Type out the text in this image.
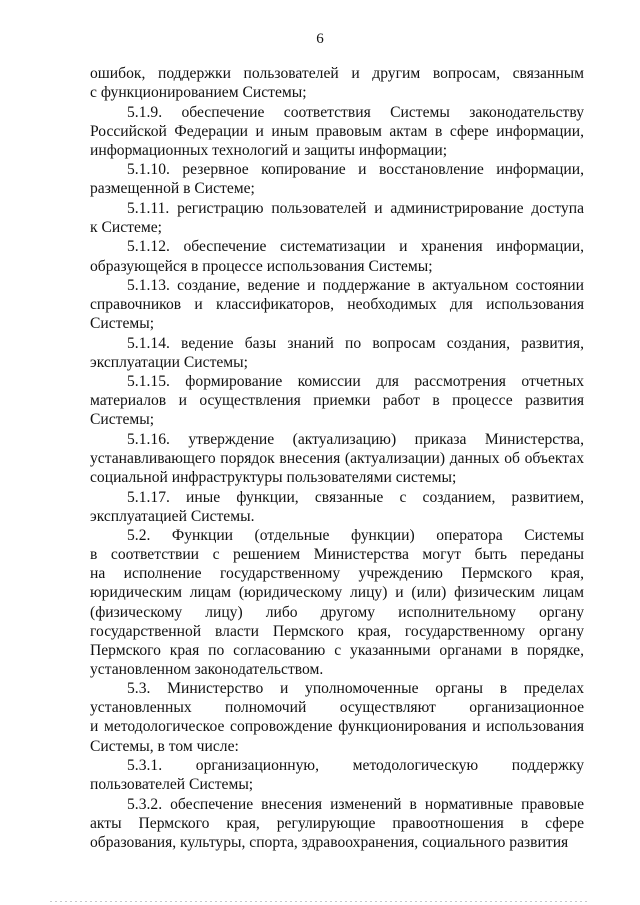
6
ошибок, поддержки пользователей и другим вопросам, связанным
с функционированием Системы;
5.1.9. обеспечение соответствия Системы законодательству
Российской Федерации и иным правовым актам в сфере информации,
информационных технологий и защиты информации;
5.1.10. резервное копирование и восстановление информации,
размещенной в Системе;
5.1.11. регистрацию пользователей и администрирование доступа
к Системе;
5.1.12. обеспечение систематизации и хранения информации,
образующейся в процессе использования Системы;
5.1.13. создание, ведение и поддержание в актуальном состоянии
справочников и классификаторов, необходимых для использования
Системы;
5.1.14. ведение базы знаний по вопросам создания, развития,
эксплуатации Системы;
5.1.15. формирование комиссии для рассмотрения отчетных
материалов и осуществления приемки работ в процессе развития Системы;
5.1.16. утверждение (актуализацию) приказа Министерства,
устанавливающего порядок внесения (актуализации) данных об объектах
социальной инфраструктуры пользователями системы;
5.1.17. иные функции, связанные с созданием, развитием,
эксплуатацией Системы.
5.2. Функции (отдельные функции) оператора Системы
в соответствии с решением Министерства могут быть переданы
на исполнение государственному учреждению Пермского края,
юридическим лицам (юридическому лицу) и (или) физическим лицам
(физическому лицу) либо другому исполнительному органу
государственной власти Пермского края, государственному органу
Пермского края по согласованию с указанными органами в порядке,
установленном законодательством.
5.3. Министерство и уполномоченные органы в пределах
установленных полномочий осуществляют организационное
и методологическое сопровождение функционирования и использования
Системы, в том числе:
5.3.1. организационную, методологическую поддержку
пользователей Системы;
5.3.2. обеспечение внесения изменений в нормативные правовые
акты Пермского края, регулирующие правоотношения в сфере
образования, культуры, спорта, здравоохранения, социального развития
